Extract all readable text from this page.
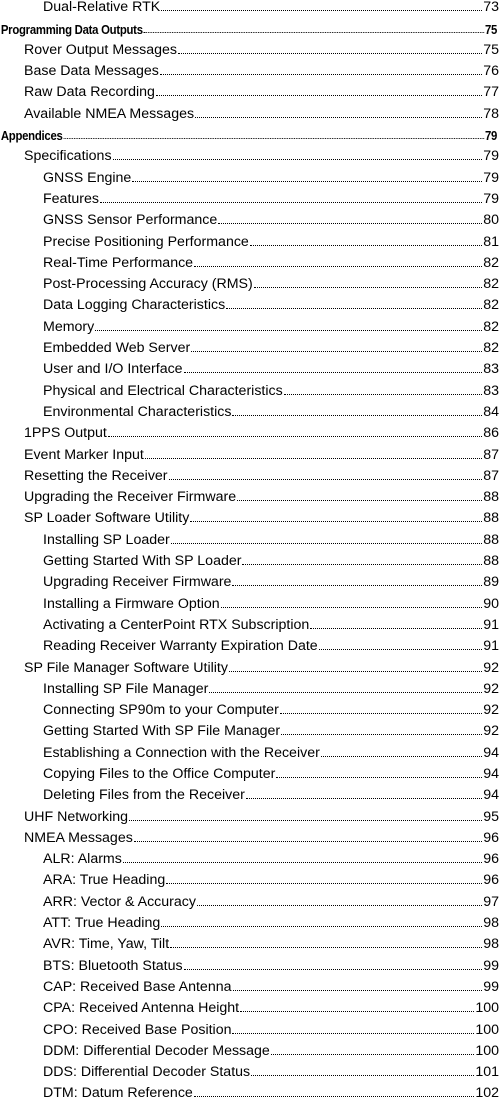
Dual-Relative RTK	73
Programming Data Outputs	75
Rover Output Messages	75
Base Data Messages	76
Raw Data Recording	77
Available NMEA Messages	78
Appendices	79
Specifications	79
GNSS Engine	79
Features	79
GNSS Sensor Performance	80
Precise Positioning Performance	81
Real-Time Performance	82
Post-Processing Accuracy (RMS)	82
Data Logging Characteristics	82
Memory	82
Embedded Web Server	82
User and I/O Interface	83
Physical and Electrical Characteristics	83
Environmental Characteristics	84
1PPS Output	86
Event Marker Input	87
Resetting the Receiver	87
Upgrading the Receiver Firmware	88
SP Loader Software Utility	88
Installing SP Loader	88
Getting Started With SP Loader	88
Upgrading Receiver Firmware	89
Installing a Firmware Option	90
Activating a CenterPoint RTX Subscription	91
Reading Receiver Warranty Expiration Date	91
SP File Manager Software Utility	92
Installing SP File Manager	92
Connecting SP90m to your Computer	92
Getting Started With SP File Manager	92
Establishing a Connection with the Receiver	94
Copying Files to the Office Computer	94
Deleting Files from the Receiver	94
UHF Networking	95
NMEA Messages	96
ALR: Alarms	96
ARA: True Heading	96
ARR: Vector & Accuracy	97
ATT: True Heading	98
AVR: Time, Yaw, Tilt	98
BTS: Bluetooth Status	99
CAP: Received Base Antenna	99
CPA: Received Antenna Height	100
CPO: Received Base Position	100
DDM: Differential Decoder Message	100
DDS: Differential Decoder Status	101
DTM: Datum Reference	102
